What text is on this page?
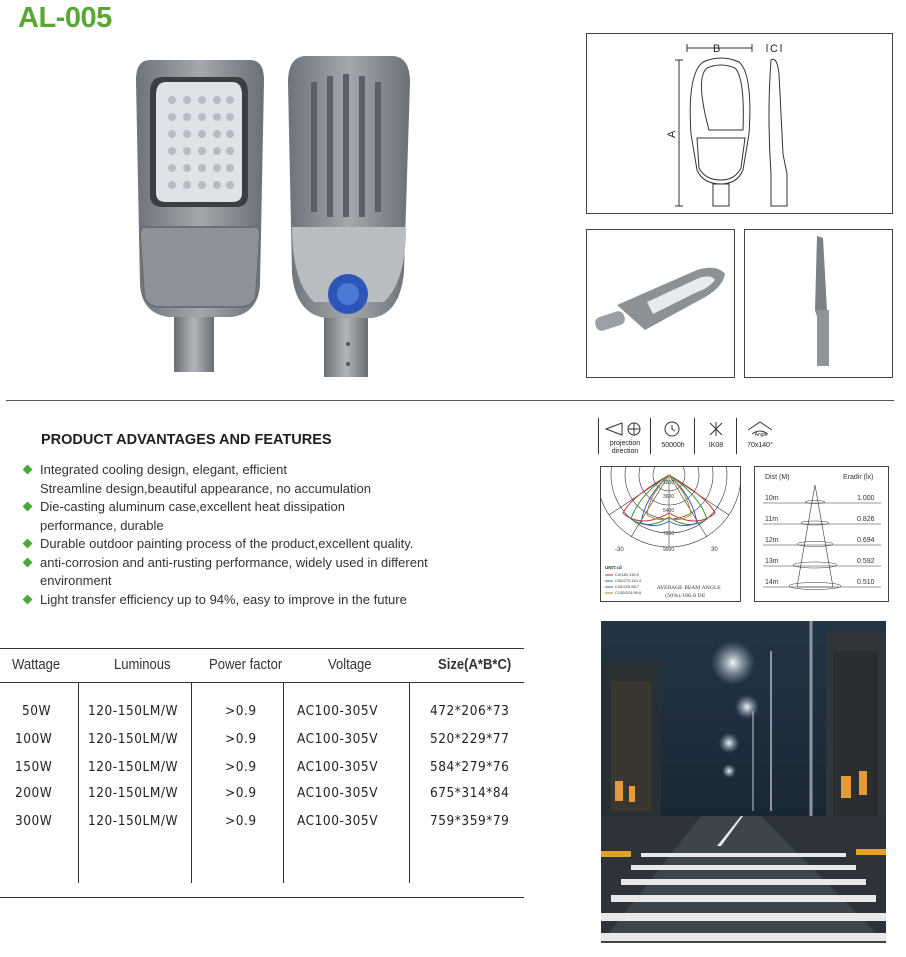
AL-005
B	C
A
PRODUCT ADVANTAGES AND FEATURES
Integrated cooling design, elegant, efficient
Streamline design,beautiful appearance, no accumulation
Die-casting aluminum case,excellent heat dissipation
performance, durable
Durable outdoor painting process of the product,excellent quality.
anti-corrosion and anti-rusting performance, widely used in different
environment
Light transfer efficiency up to 94%, easy to improve in the future
Wattage	Luminous	Power factor	Voltage	Size(A*B*C)
50W	120-150LM/W	>0.9	AC100-305V	472*206*73
100W	120-150LM/W	>0.9	AC100-305V	520*229*77
150W	120-150LM/W	>0.9	AC100-305V	584*279*76
200W	120-150LM/W	>0.9	AC100-305V	675*314*84
300W	120-150LM/W	>0.9	AC100-305V	759*359*79
projection
direction
50000h	IK08
Angle
70x140°
1800
3600
5400
7200
9000
-30	30
UNIT:cd
C0/180,119.8
C90/270,110.4
C45/225,98.7
C135/315,95.6
AVERAGE BEAM ANGLE
(50%):106.8 DE
Dist (M)	Eradir (lx)
10m	1.000
11m	0.826
12m	0.694
13m	0.592
14m	0.510
